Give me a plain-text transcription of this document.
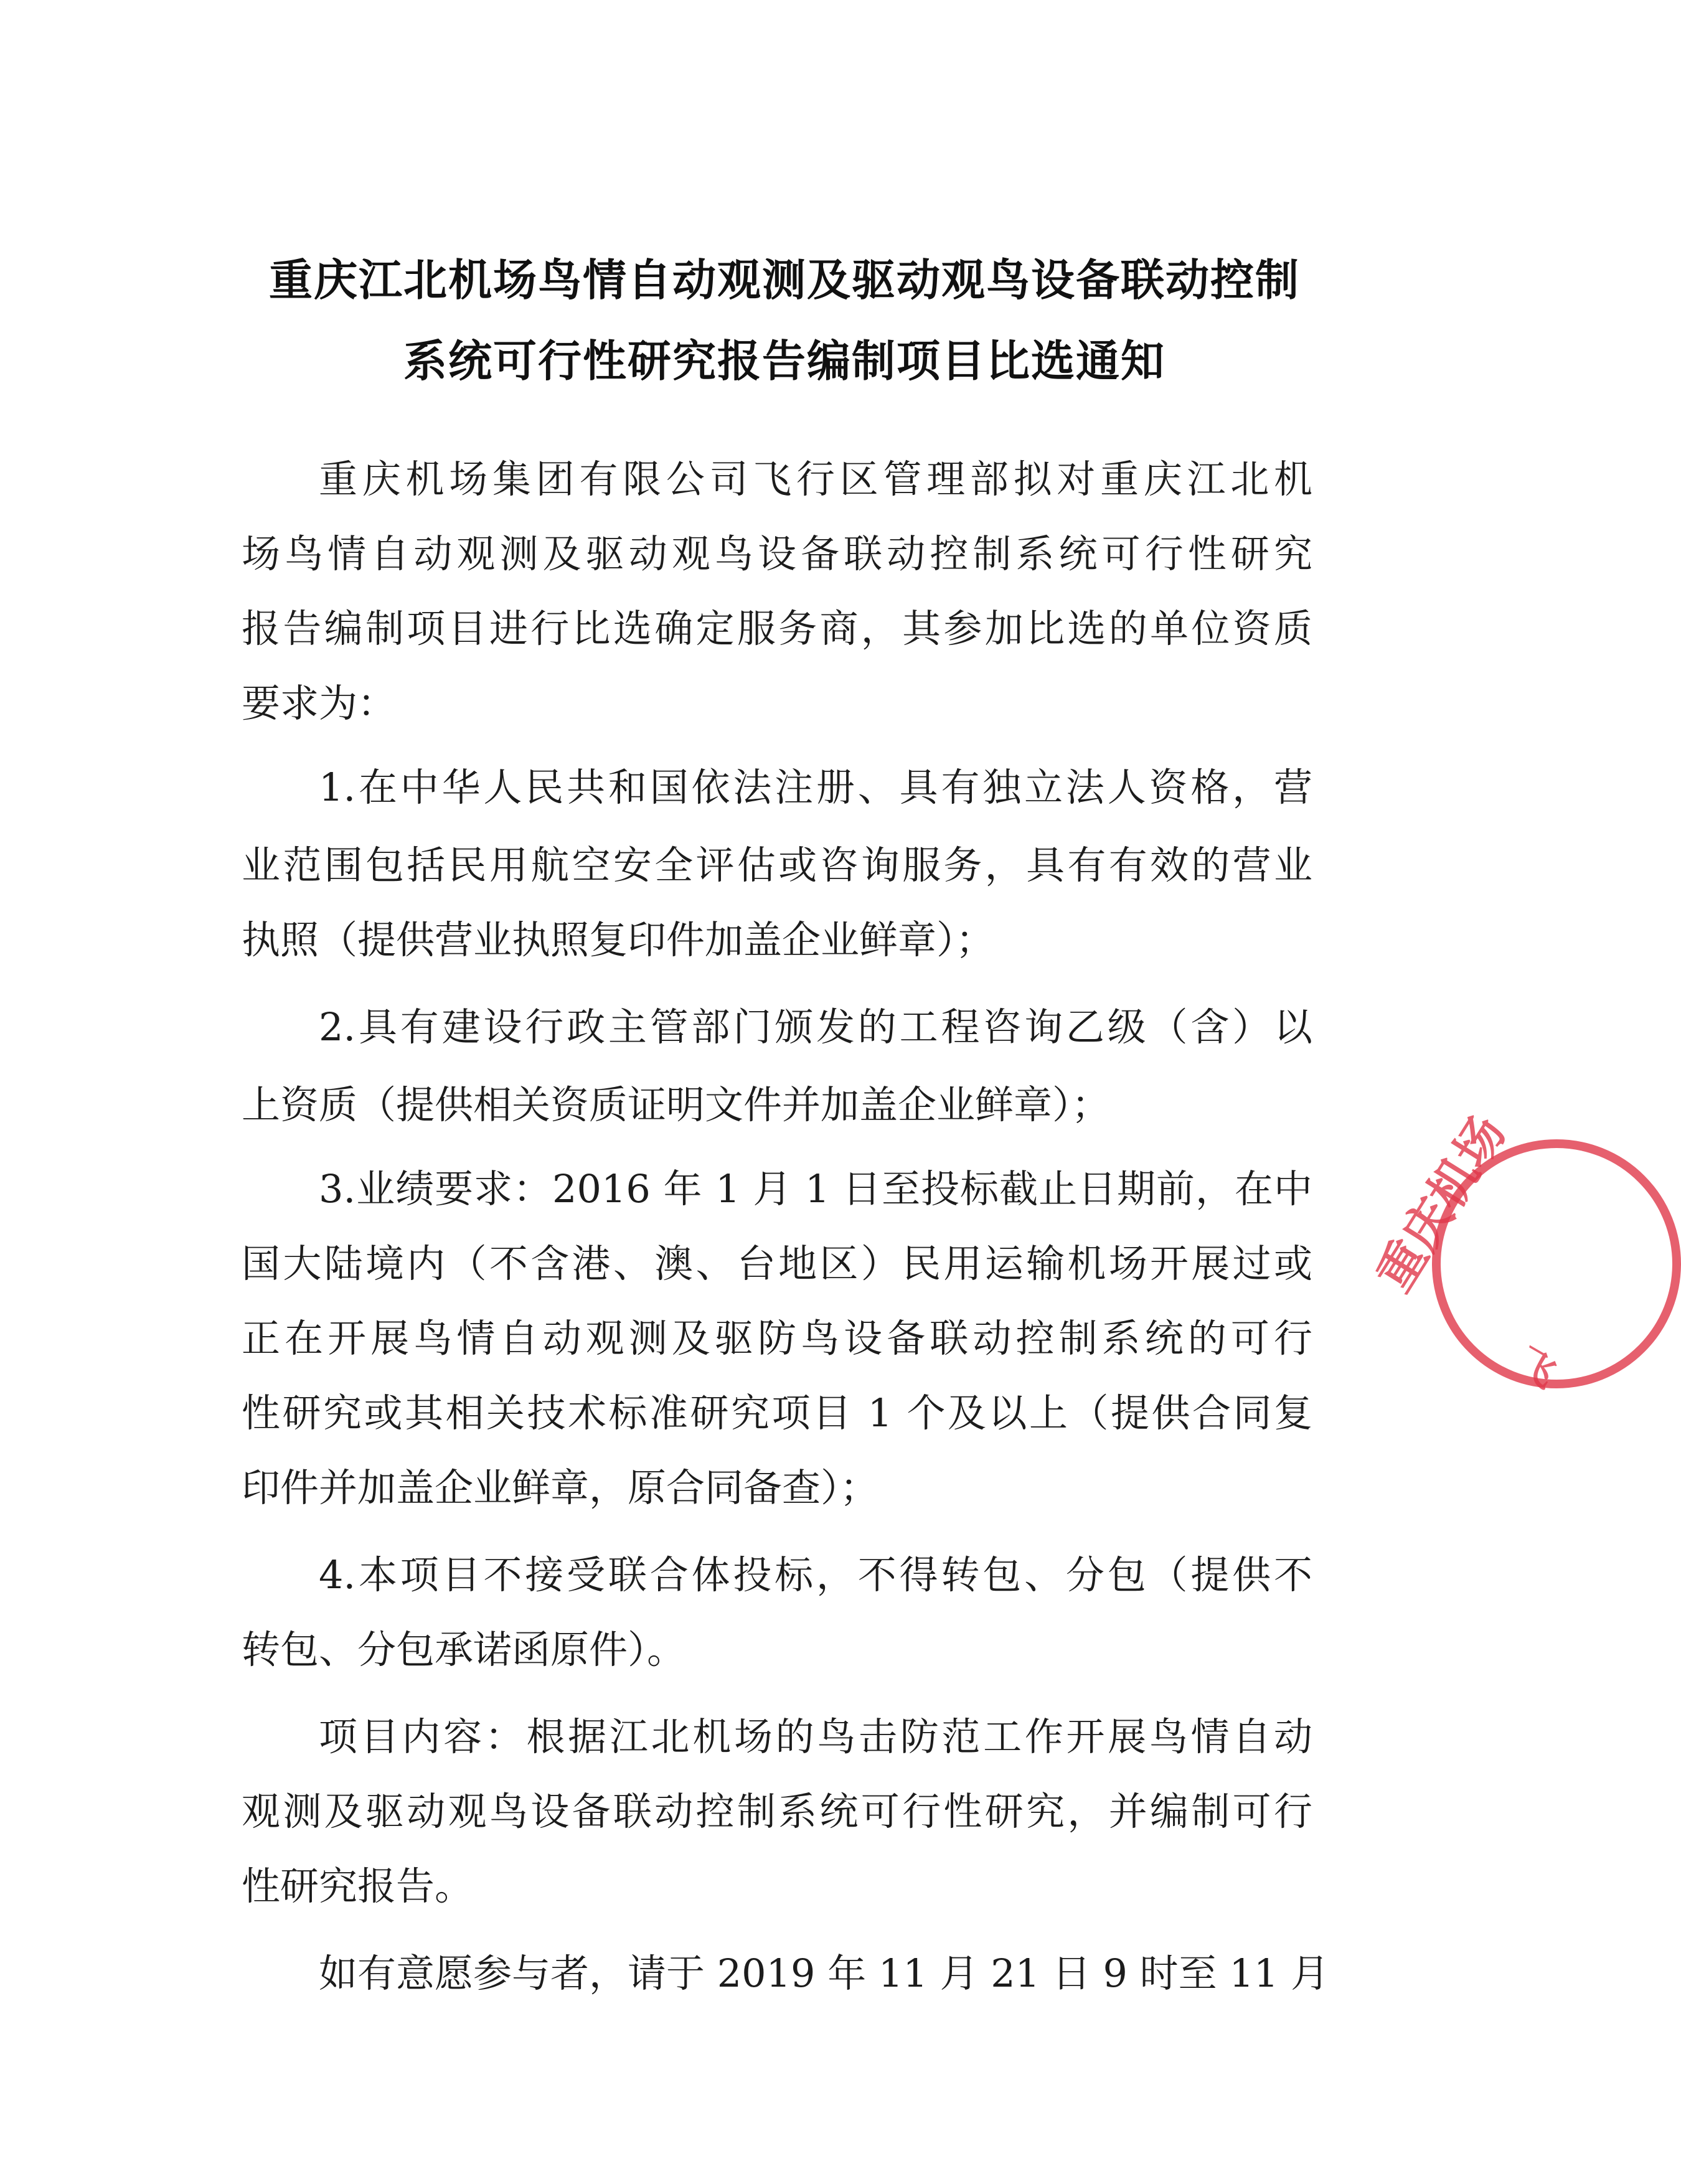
重庆江北机场鸟情自动观测及驱动观鸟设备联动控制
系统可行性研究报告编制项目比选通知
重庆机场集团有限公司飞行区管理部拟对重庆江北机
场鸟情自动观测及驱动观鸟设备联动控制系统可行性研究
报告编制项目进行比选确定服务商，其参加比选的单位资质
要求为：
1.在中华人民共和国依法注册、具有独立法人资格，营
业范围包括民用航空安全评估或咨询服务，具有有效的营业
执照（提供营业执照复印件加盖企业鲜章）；
2.具有建设行政主管部门颁发的工程咨询乙级（含）以
上资质（提供相关资质证明文件并加盖企业鲜章）；
3.业绩要求：2016 年 1 月 1 日至投标截止日期前，在中
国大陆境内（不含港、澳、台地区）民用运输机场开展过或
正在开展鸟情自动观测及驱防鸟设备联动控制系统的可行
性研究或其相关技术标准研究项目 1 个及以上（提供合同复
印件并加盖企业鲜章，原合同备查）；
4.本项目不接受联合体投标，不得转包、分包（提供不
转包、分包承诺函原件）。
项目内容：根据江北机场的鸟击防范工作开展鸟情自动
观测及驱动观鸟设备联动控制系统可行性研究，并编制可行
性研究报告。
如有意愿参与者，请于 2019 年 11 月 21 日 9 时至 11 月
重庆机场
飞
